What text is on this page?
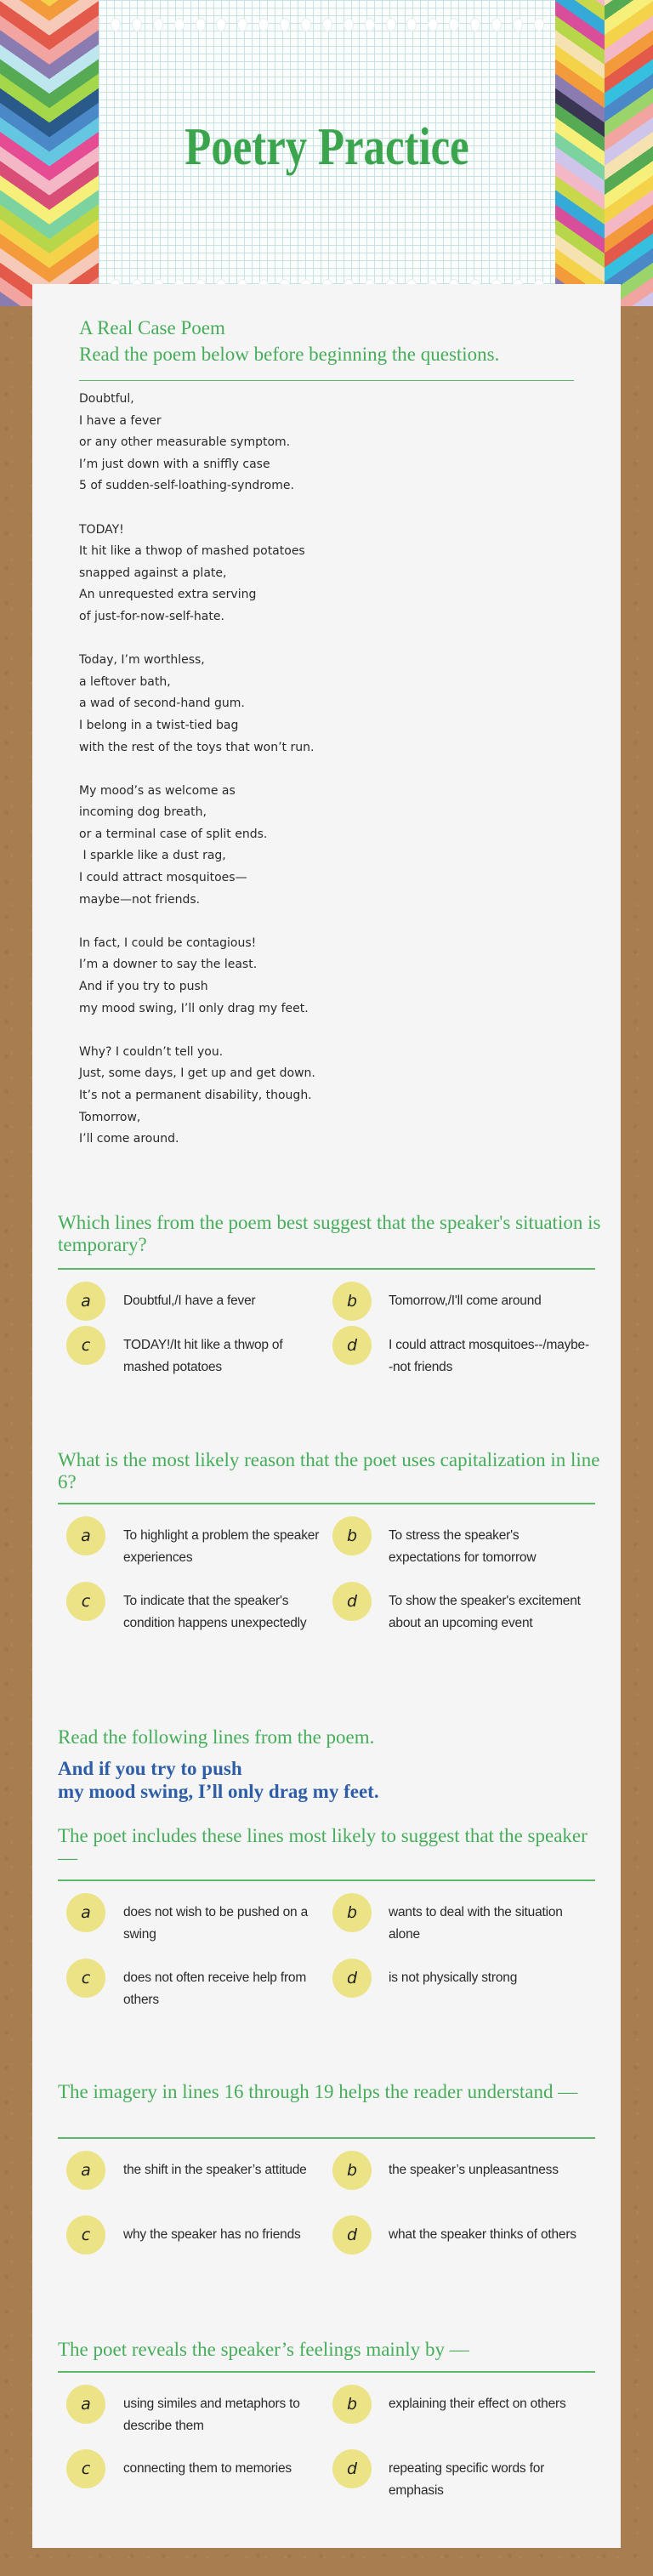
Poetry Practice
A Real Case Poem
Read the poem below before beginning the questions.
Doubtful,
I have a fever
or any other measurable symptom.
I’m just down with a sniffly case
5 of sudden-self-loathing-syndrome.
TODAY!
It hit like a thwop of mashed potatoes
snapped against a plate,
An unrequested extra serving
of just-for-now-self-hate.
Today, I’m worthless,
a leftover bath,
a wad of second-hand gum.
I belong in a twist-tied bag
with the rest of the toys that won’t run.
My mood’s as welcome as
incoming dog breath,
or a terminal case of split ends.
I sparkle like a dust rag,
I could attract mosquitoes—
maybe—not friends.
In fact, I could be contagious!
I’m a downer to say the least.
And if you try to push
my mood swing, I’ll only drag my feet.
Why? I couldn’t tell you.
Just, some days, I get up and get down.
It’s not a permanent disability, though.
Tomorrow,
I’ll come around.
Which lines from the poem best suggest that the speaker's situation is temporary?
a	Doubtful,/I have a fever	b	Tomorrow,/I'll come around
c	TODAY!/It hit like a thwop of mashed potatoes
d	I could attract mosquitoes--/maybe--not friends
What is the most likely reason that the poet uses capitalization in line 6?
a	To highlight a problem the speaker experiences
b	To stress the speaker's expectations for tomorrow
c	To indicate that the speaker's condition happens unexpectedly
d	To show the speaker's excitement about an upcoming event
Read the following lines from the poem.
And if you try to push
my mood swing, I’ll only drag my feet.
The poet includes these lines most likely to suggest that the speaker —
a	does not wish to be pushed on a swing
b	wants to deal with the situation alone
c	does not often receive help from others
d	is not physically strong
The imagery in lines 16 through 19 helps the reader understand —
a	the shift in the speaker’s attitude	b	the speaker’s unpleasantness
c	why the speaker has no friends	d	what the speaker thinks of others
The poet reveals the speaker’s feelings mainly by —
a	using similes and metaphors to describe them
b	explaining their effect on others
c	connecting them to memories	d	repeating specific words for emphasis
